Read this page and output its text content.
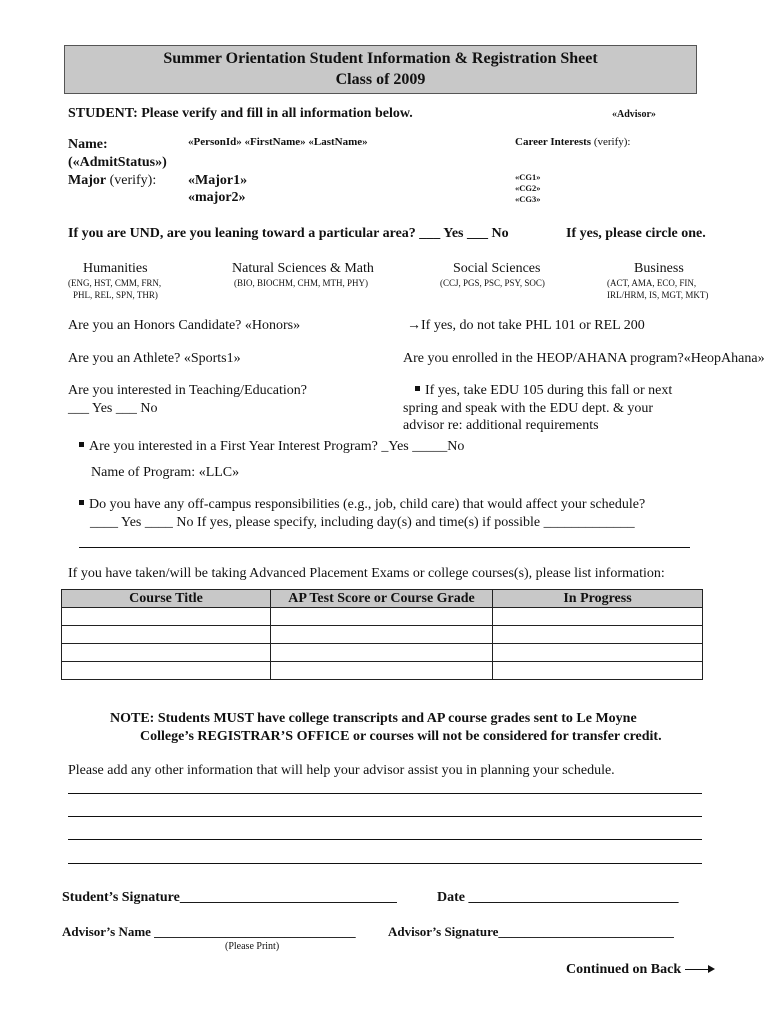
Summer Orientation Student Information & Registration Sheet
Class of 2009
STUDENT: Please verify and fill in all information below.	«Advisor»
Name:	«PersonId» «FirstName» «LastName»
(«AdmitStatus»)
Major (verify): «Major1»
«major2»
Career Interests (verify):
«CG1»
«CG2»
«CG3»
If you are UND, are you leaning toward a particular area? ___ Yes ___ No	If yes, please circle one.
Humanities
(ENG, HST, CMM, FRN,
PHL, REL, SPN, THR)
Natural Sciences & Math
(BIO, BIOCHM, CHM, MTH, PHY)
Social Sciences
(CCJ, PGS, PSC, PSY, SOC)
Business
(ACT, AMA, ECO, FIN,
IRL/HRM, IS, MGT, MKT)
Are you an Honors Candidate? «Honors»	→If yes, do not take PHL 101 or REL 200
Are you an Athlete? «Sports1»	Are you enrolled in the HEOP/AHANA program?«HeopAhana»
Are you interested in Teaching/Education?
___ Yes ___ No
If yes, take EDU 105 during this fall or next
spring and speak with the EDU dept. & your
advisor re: additional requirements
Are you interested in a First Year Interest Program? _Yes _____No
Name of Program: «LLC»
Do you have any off-campus responsibilities (e.g., job, child care) that would affect your schedule?
____ Yes ____ No If yes, please specify, including day(s) and time(s) if possible _____________
If you have taken/will be taking Advanced Placement Exams or college courses(s), please list information:
Course Title	AP Test Score or Course Grade	In Progress

NOTE: Students MUST have college transcripts and AP course grades sent to Le Moyne
College’s REGISTRAR’S OFFICE or courses will not be considered for transfer credit.
Please add any other information that will help your advisor assist you in planning your schedule.
Student’s Signature_______________________________	Date ______________________________
Advisor’s Name _______________________________ Advisor’s Signature___________________________
(Please Print)
Continued on Back
